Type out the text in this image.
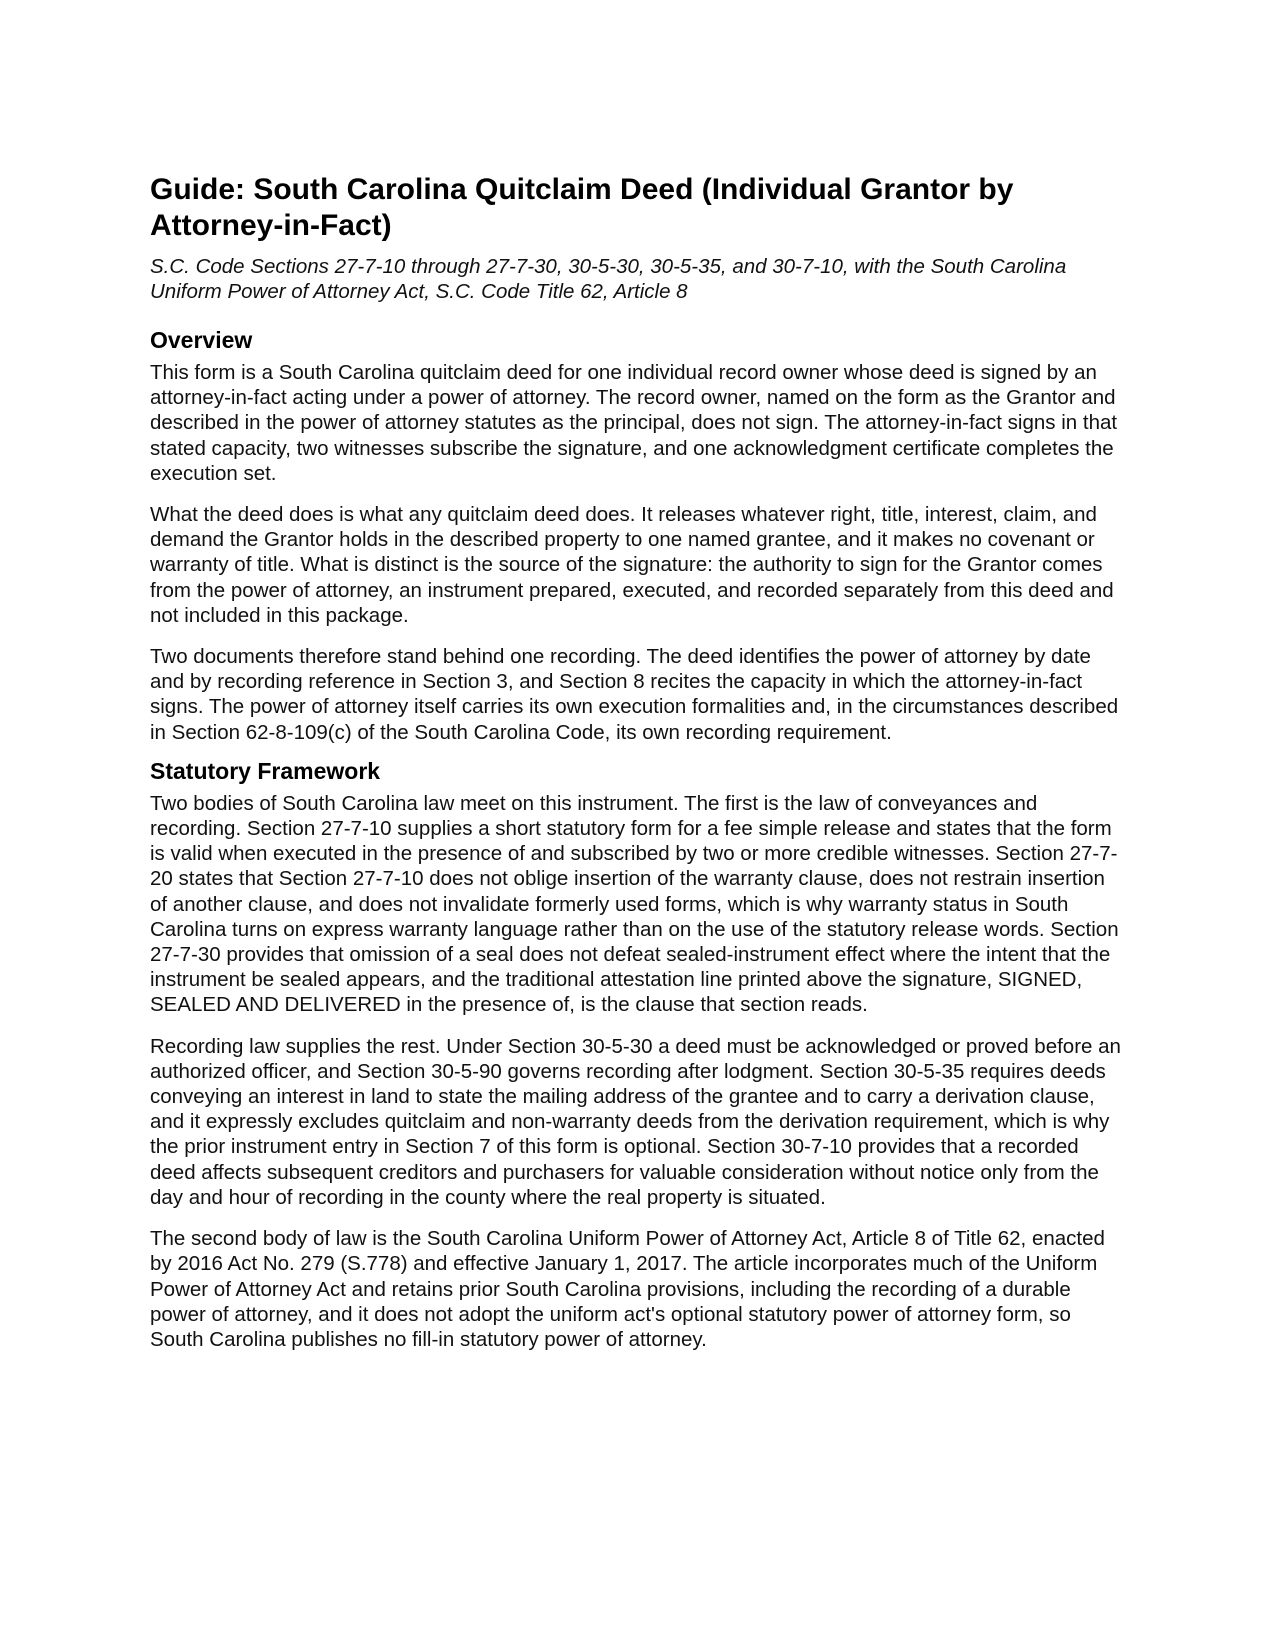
Guide: South Carolina Quitclaim Deed (Individual Grantor by Attorney-in-Fact)

S.C. Code Sections 27-7-10 through 27-7-30, 30-5-30, 30-5-35, and 30-7-10, with the South Carolina Uniform Power of Attorney Act, S.C. Code Title 62, Article 8

Overview

This form is a South Carolina quitclaim deed for one individual record owner whose deed is signed by an attorney-in-fact acting under a power of attorney. The record owner, named on the form as the Grantor and described in the power of attorney statutes as the principal, does not sign. The attorney-in-fact signs in that stated capacity, two witnesses subscribe the signature, and one acknowledgment certificate completes the execution set.

What the deed does is what any quitclaim deed does. It releases whatever right, title, interest, claim, and demand the Grantor holds in the described property to one named grantee, and it makes no covenant or warranty of title. What is distinct is the source of the signature: the authority to sign for the Grantor comes from the power of attorney, an instrument prepared, executed, and recorded separately from this deed and not included in this package.

Two documents therefore stand behind one recording. The deed identifies the power of attorney by date and by recording reference in Section 3, and Section 8 recites the capacity in which the attorney-in-fact signs. The power of attorney itself carries its own execution formalities and, in the circumstances described in Section 62-8-109(c) of the South Carolina Code, its own recording requirement.

Statutory Framework

Two bodies of South Carolina law meet on this instrument. The first is the law of conveyances and recording. Section 27-7-10 supplies a short statutory form for a fee simple release and states that the form is valid when executed in the presence of and subscribed by two or more credible witnesses. Section 27-7-20 states that Section 27-7-10 does not oblige insertion of the warranty clause, does not restrain insertion of another clause, and does not invalidate formerly used forms, which is why warranty status in South Carolina turns on express warranty language rather than on the use of the statutory release words. Section 27-7-30 provides that omission of a seal does not defeat sealed-instrument effect where the intent that the instrument be sealed appears, and the traditional attestation line printed above the signature, SIGNED, SEALED AND DELIVERED in the presence of, is the clause that section reads.

Recording law supplies the rest. Under Section 30-5-30 a deed must be acknowledged or proved before an authorized officer, and Section 30-5-90 governs recording after lodgment. Section 30-5-35 requires deeds conveying an interest in land to state the mailing address of the grantee and to carry a derivation clause, and it expressly excludes quitclaim and non-warranty deeds from the derivation requirement, which is why the prior instrument entry in Section 7 of this form is optional. Section 30-7-10 provides that a recorded deed affects subsequent creditors and purchasers for valuable consideration without notice only from the day and hour of recording in the county where the real property is situated.

The second body of law is the South Carolina Uniform Power of Attorney Act, Article 8 of Title 62, enacted by 2016 Act No. 279 (S.778) and effective January 1, 2017. The article incorporates much of the Uniform Power of Attorney Act and retains prior South Carolina provisions, including the recording of a durable power of attorney, and it does not adopt the uniform act's optional statutory power of attorney form, so South Carolina publishes no fill-in statutory power of attorney.
